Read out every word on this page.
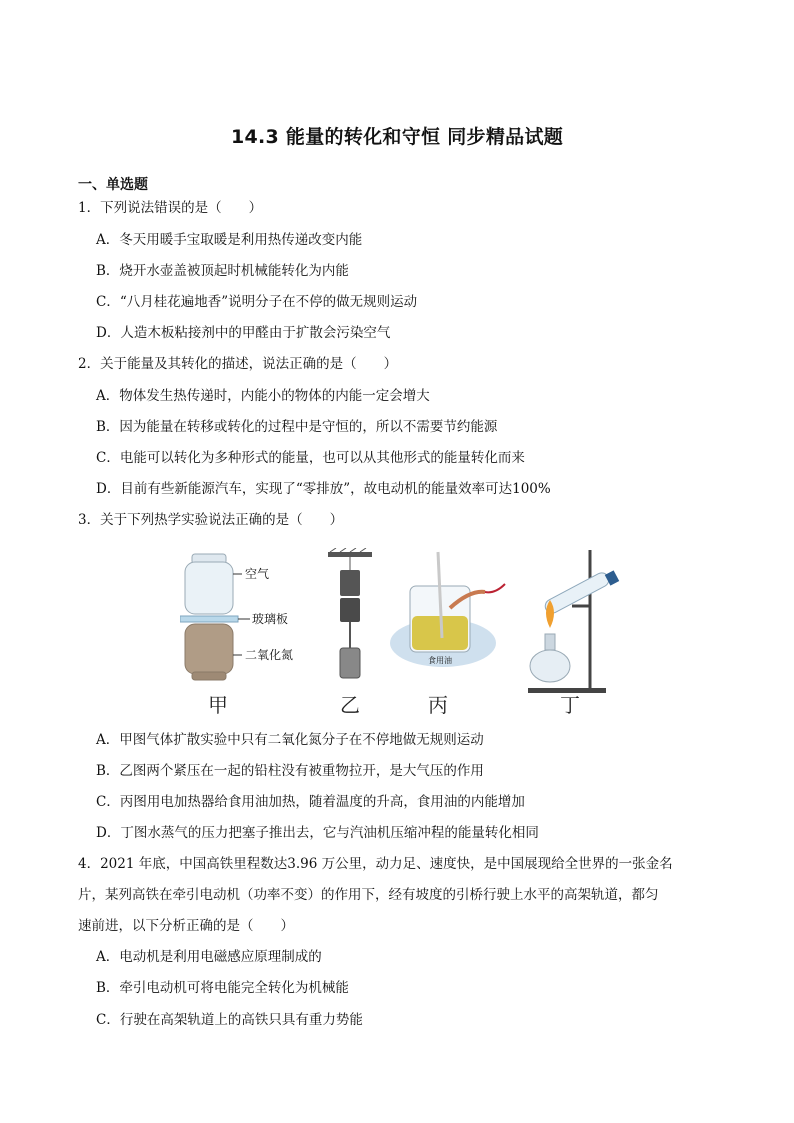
14.3 能量的转化和守恒 同步精品试题
一、单选题
1．下列说法错误的是（　　）
A．冬天用暖手宝取暖是利用热传递改变内能
B．烧开水壶盖被顶起时机械能转化为内能
C．“八月桂花遍地香”说明分子在不停的做无规则运动
D．人造木板粘接剂中的甲醛由于扩散会污染空气
2．关于能量及其转化的描述，说法正确的是（　　）
A．物体发生热传递时，内能小的物体的内能一定会增大
B．因为能量在转移或转化的过程中是守恒的，所以不需要节约能源
C．电能可以转化为多种形式的能量，也可以从其他形式的能量转化而来
D．目前有些新能源汽车，实现了“零排放”，故电动机的能量效率可达100%
3．关于下列热学实验说法正确的是（　　）
空气
玻璃板
二氧化氮	食用油
甲	乙	丙	丁
A．甲图气体扩散实验中只有二氧化氮分子在不停地做无规则运动
B．乙图两个紧压在一起的铅柱没有被重物拉开，是大气压的作用
C．丙图用电加热器给食用油加热，随着温度的升高，食用油的内能增加
D．丁图水蒸气的压力把塞子推出去，它与汽油机压缩冲程的能量转化相同
4．2021 年底，中国高铁里程数达3.96 万公里，动力足、速度快，是中国展现给全世界的一张金名
片，某列高铁在牵引电动机（功率不变）的作用下，经有坡度的引桥行驶上水平的高架轨道，都匀
速前进，以下分析正确的是（　　）
A．电动机是利用电磁感应原理制成的
B．牵引电动机可将电能完全转化为机械能
C．行驶在高架轨道上的高铁只具有重力势能
